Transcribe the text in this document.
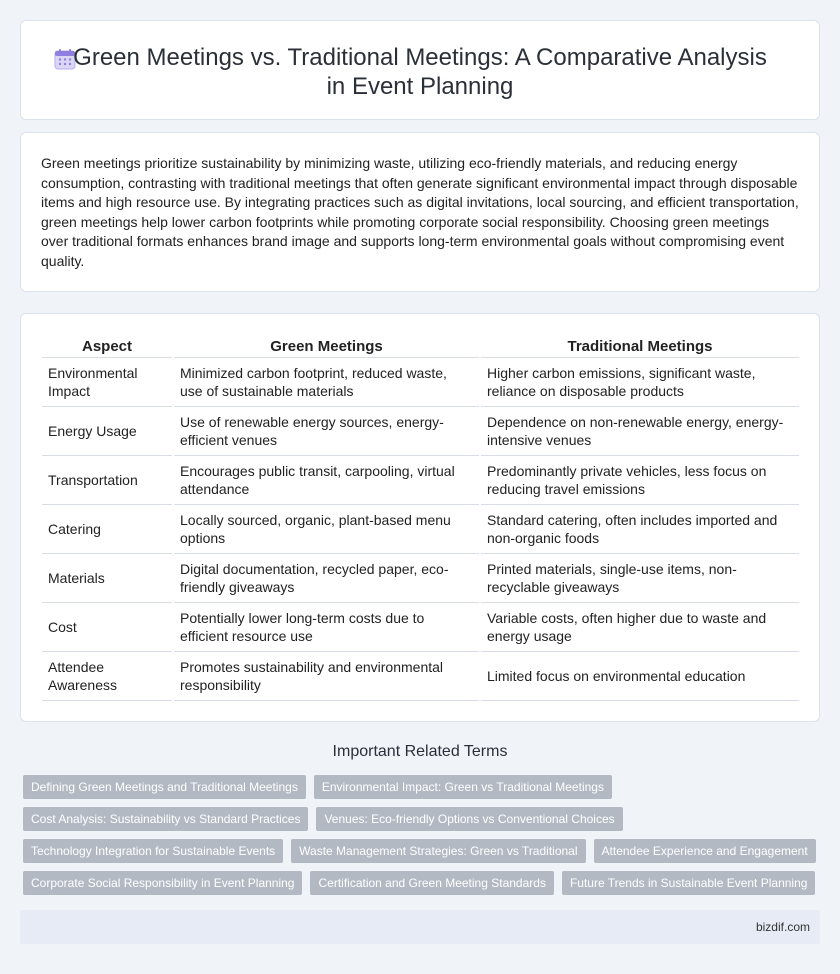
Green Meetings vs. Traditional Meetings: A Comparative Analysis in Event Planning

Green meetings prioritize sustainability by minimizing waste, utilizing eco-friendly materials, and reducing energy consumption, contrasting with traditional meetings that often generate significant environmental impact through disposable items and high resource use. By integrating practices such as digital invitations, local sourcing, and efficient transportation, green meetings help lower carbon footprints while promoting corporate social responsibility. Choosing green meetings over traditional formats enhances brand image and supports long-term environmental goals without compromising event quality.

Aspect	Green Meetings	Traditional Meetings
Environmental Impact	Minimized carbon footprint, reduced waste, use of sustainable materials	Higher carbon emissions, significant waste, reliance on disposable products
Energy Usage	Use of renewable energy sources, energy-efficient venues	Dependence on non-renewable energy, energy-intensive venues
Transportation	Encourages public transit, carpooling, virtual attendance	Predominantly private vehicles, less focus on reducing travel emissions
Catering	Locally sourced, organic, plant-based menu options	Standard catering, often includes imported and non-organic foods
Materials	Digital documentation, recycled paper, eco-friendly giveaways	Printed materials, single-use items, non-recyclable giveaways
Cost	Potentially lower long-term costs due to efficient resource use	Variable costs, often higher due to waste and energy usage
Attendee Awareness	Promotes sustainability and environmental responsibility	Limited focus on environmental education
Important Related Terms
Defining Green Meetings and Traditional Meetings	Environmental Impact: Green vs Traditional Meetings
Cost Analysis: Sustainability vs Standard Practices	Venues: Eco-friendly Options vs Conventional Choices
Technology Integration for Sustainable Events	Waste Management Strategies: Green vs Traditional	Attendee Experience and Engagement
Corporate Social Responsibility in Event Planning	Certification and Green Meeting Standards	Future Trends in Sustainable Event Planning
bizdif.com
